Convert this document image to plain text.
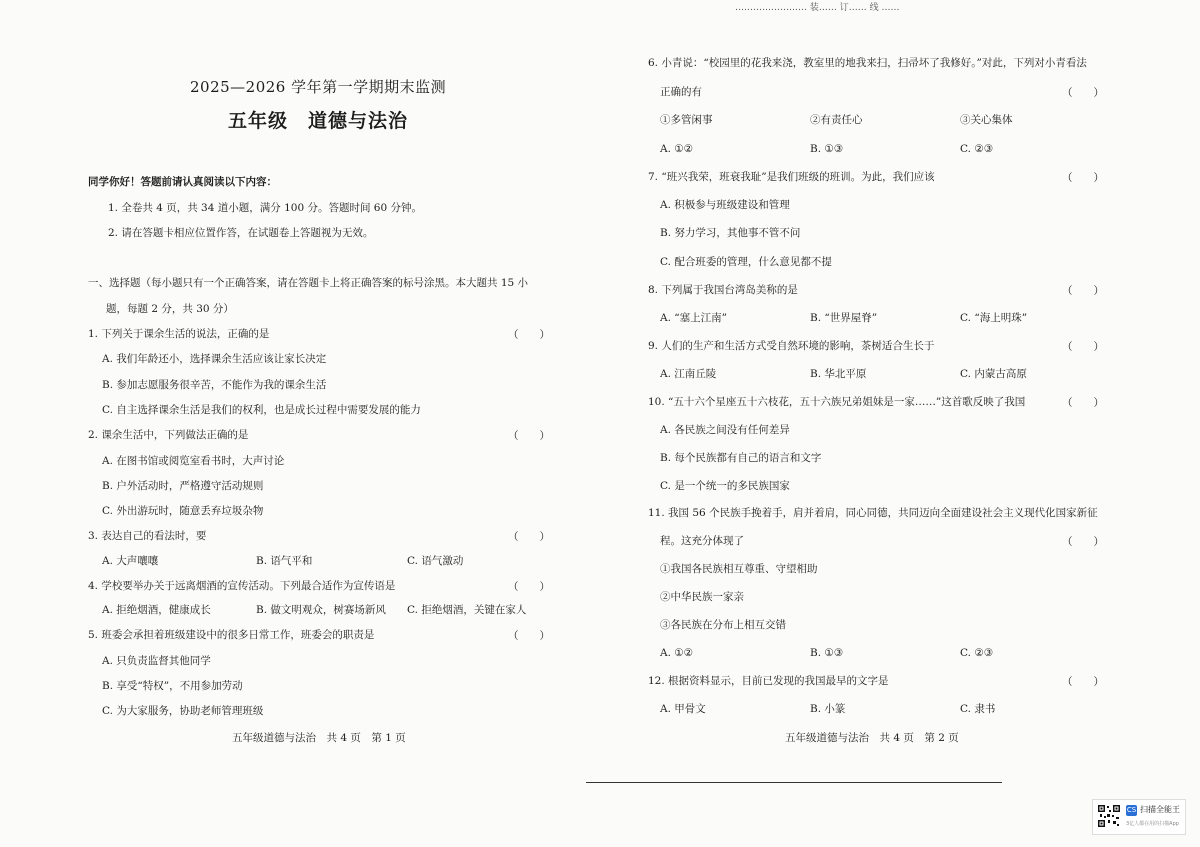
…………………… 装…… 订…… 线 ……
2025—2026 学年第一学期期末监测
五年级　道德与法治
同学你好！答题前请认真阅读以下内容：
1. 全卷共 4 页，共 34 道小题，满分 100 分。答题时间 60 分钟。
2. 请在答题卡相应位置作答，在试题卷上答题视为无效。
一、选择题（每小题只有一个正确答案，请在答题卡上将正确答案的标号涂黑。本大题共 15 小
题，每题 2 分，共 30 分）
1. 下列关于课余生活的说法，正确的是	（　　）
A. 我们年龄还小，选择课余生活应该让家长决定
B. 参加志愿服务很辛苦，不能作为我的课余生活
C. 自主选择课余生活是我们的权利，也是成长过程中需要发展的能力
2. 课余生活中，下列做法正确的是	（　　）
A. 在图书馆或阅览室看书时，大声讨论
B. 户外活动时，严格遵守活动规则
C. 外出游玩时，随意丢弃垃圾杂物
3. 表达自己的看法时，要	（　　）
A. 大声嚷嚷	B. 语气平和	C. 语气激动
4. 学校要举办关于远离烟酒的宣传活动。下列最合适作为宣传语是	（　　）
A. 拒绝烟酒，健康成长	B. 做文明观众，树赛场新风 C. 拒绝烟酒，关键在家人
5. 班委会承担着班级建设中的很多日常工作，班委会的职责是	（　　）
A. 只负责监督其他同学
B. 享受“特权”，不用参加劳动
C. 为大家服务，协助老师管理班级
五年级道德与法治　共 4 页　第 1 页
6. 小青说：“校园里的花我来浇，教室里的地我来扫，扫帚坏了我修好。”对此，下列对小青看法
正确的有	（　　）
①多管闲事	②有责任心	③关心集体
A. ①②	B. ①③	C. ②③
7. “班兴我荣，班衰我耻”是我们班级的班训。为此，我们应该	（　　）
A. 积极参与班级建设和管理
B. 努力学习，其他事不管不问
C. 配合班委的管理，什么意见都不提
8. 下列属于我国台湾岛美称的是	（　　）
A. “塞上江南”	B. “世界屋脊”	C. “海上明珠”
9. 人们的生产和生活方式受自然环境的影响，茶树适合生长于	（　　）
A. 江南丘陵	B. 华北平原	C. 内蒙古高原
10. “五十六个星座五十六枝花，五十六族兄弟姐妹是一家……”这首歌反映了我国	（　　）
A. 各民族之间没有任何差异
B. 每个民族都有自己的语言和文字
C. 是一个统一的多民族国家
11. 我国 56 个民族手挽着手，肩并着肩，同心同德，共同迈向全面建设社会主义现代化国家新征
程。这充分体现了	（　　）
①我国各民族相互尊重、守望相助
②中华民族一家亲
③各民族在分布上相互交错
A. ①②	B. ①③	C. ②③
12. 根据资料显示，目前已发现的我国最早的文字是	（　　）
A. 甲骨文	B. 小篆	C. 隶书
五年级道德与法治　共 4 页　第 2 页
CS 扫描全能王
3亿人都在用的扫描App
